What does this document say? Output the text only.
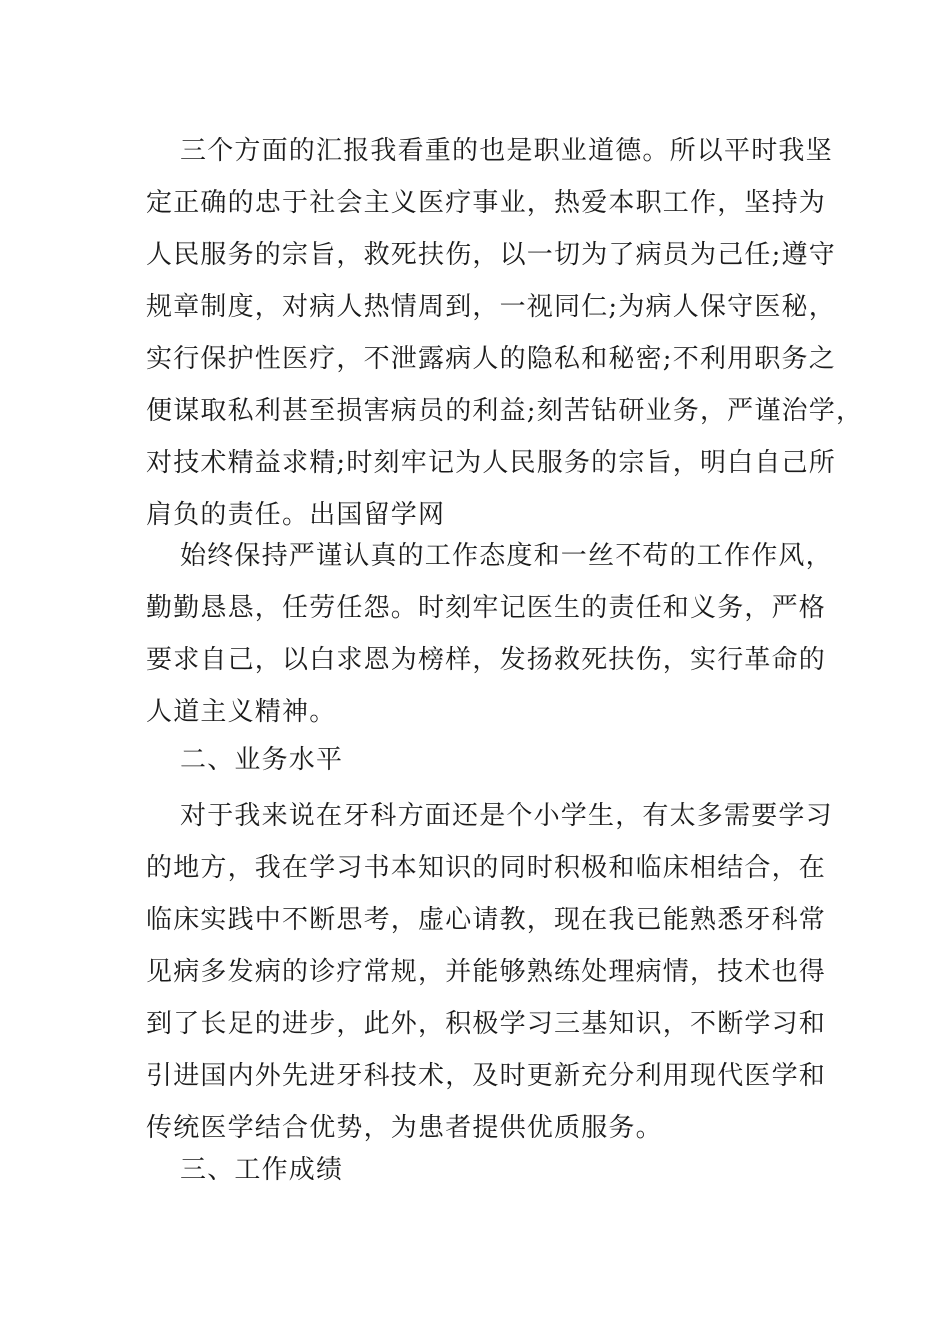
三个方面的汇报我看重的也是职业道德。所以平时我坚
定正确的忠于社会主义医疗事业，热爱本职工作，坚持为
人民服务的宗旨，救死扶伤，以一切为了病员为己任;遵守
规章制度，对病人热情周到，一视同仁;为病人保守医秘，
实行保护性医疗，不泄露病人的隐私和秘密;不利用职务之
便谋取私利甚至损害病员的利益;刻苦钻研业务，严谨治学，
对技术精益求精;时刻牢记为人民服务的宗旨，明白自己所
肩负的责任。出国留学网
始终保持严谨认真的工作态度和一丝不苟的工作作风，
勤勤恳恳，任劳任怨。时刻牢记医生的责任和义务，严格
要求自己，以白求恩为榜样，发扬救死扶伤，实行革命的
人道主义精神。
二、业务水平
对于我来说在牙科方面还是个小学生，有太多需要学习
的地方，我在学习书本知识的同时积极和临床相结合，在
临床实践中不断思考，虚心请教，现在我已能熟悉牙科常
见病多发病的诊疗常规，并能够熟练处理病情，技术也得
到了长足的进步，此外，积极学习三基知识，不断学习和
引进国内外先进牙科技术，及时更新充分利用现代医学和
传统医学结合优势，为患者提供优质服务。
三、工作成绩
